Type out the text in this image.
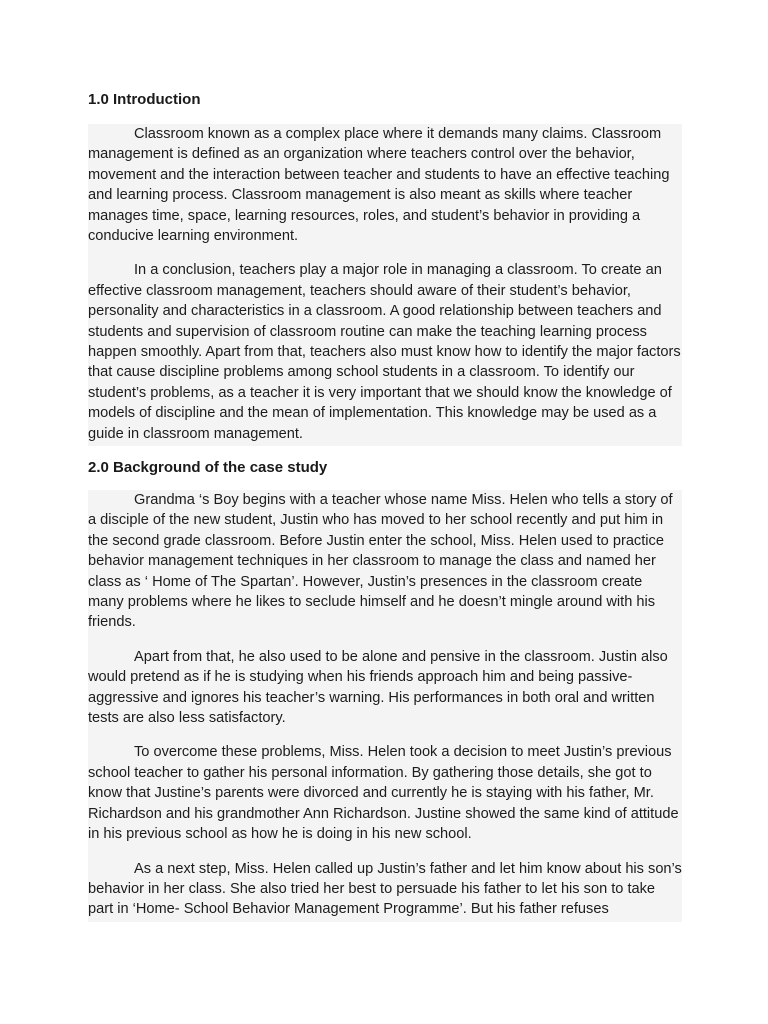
1.0 Introduction

Classroom known as a complex place where it demands many claims. Classroom management is defined as an organization where teachers control over the behavior, movement and the interaction between teacher and students to have an effective teaching and learning process. Classroom management is also meant as skills where teacher manages time, space, learning resources, roles, and student’s behavior in providing a conducive learning environment.

In a conclusion, teachers play a major role in managing a classroom. To create an effective classroom management, teachers should aware of their student’s behavior, personality and characteristics in a classroom. A good relationship between teachers and students and supervision of classroom routine can make the teaching learning process happen smoothly. Apart from that, teachers also must know how to identify the major factors that cause discipline problems among school students in a classroom. To identify our student’s problems, as a teacher it is very important that we should know the knowledge of models of discipline and the mean of implementation. This knowledge may be used as a guide in classroom management.

2.0 Background of the case study

Grandma ‘s Boy begins with a teacher whose name Miss. Helen who tells a story of a disciple of the new student, Justin who has moved to her school recently and put him in the second grade classroom. Before Justin enter the school, Miss. Helen used to practice behavior management techniques in her classroom to manage the class and named her class as ‘ Home of The Spartan’. However, Justin’s presences in the classroom create many problems where he likes to seclude himself and he doesn’t mingle around with his friends.

Apart from that, he also used to be alone and pensive in the classroom. Justin also would pretend as if he is studying when his friends approach him and being passive-aggressive and ignores his teacher’s warning. His performances in both oral and written tests are also less satisfactory.

To overcome these problems, Miss. Helen took a decision to meet Justin’s previous school teacher to gather his personal information. By gathering those details, she got to know that Justine’s parents were divorced and currently he is staying with his father, Mr. Richardson and his grandmother Ann Richardson. Justine showed the same kind of attitude in his previous school as how he is doing in his new school.

As a next step, Miss. Helen called up Justin’s father and let him know about his son’s behavior in her class. She also tried her best to persuade his father to let his son to take part in ‘Home- School Behavior Management Programme’. But his father refuses
